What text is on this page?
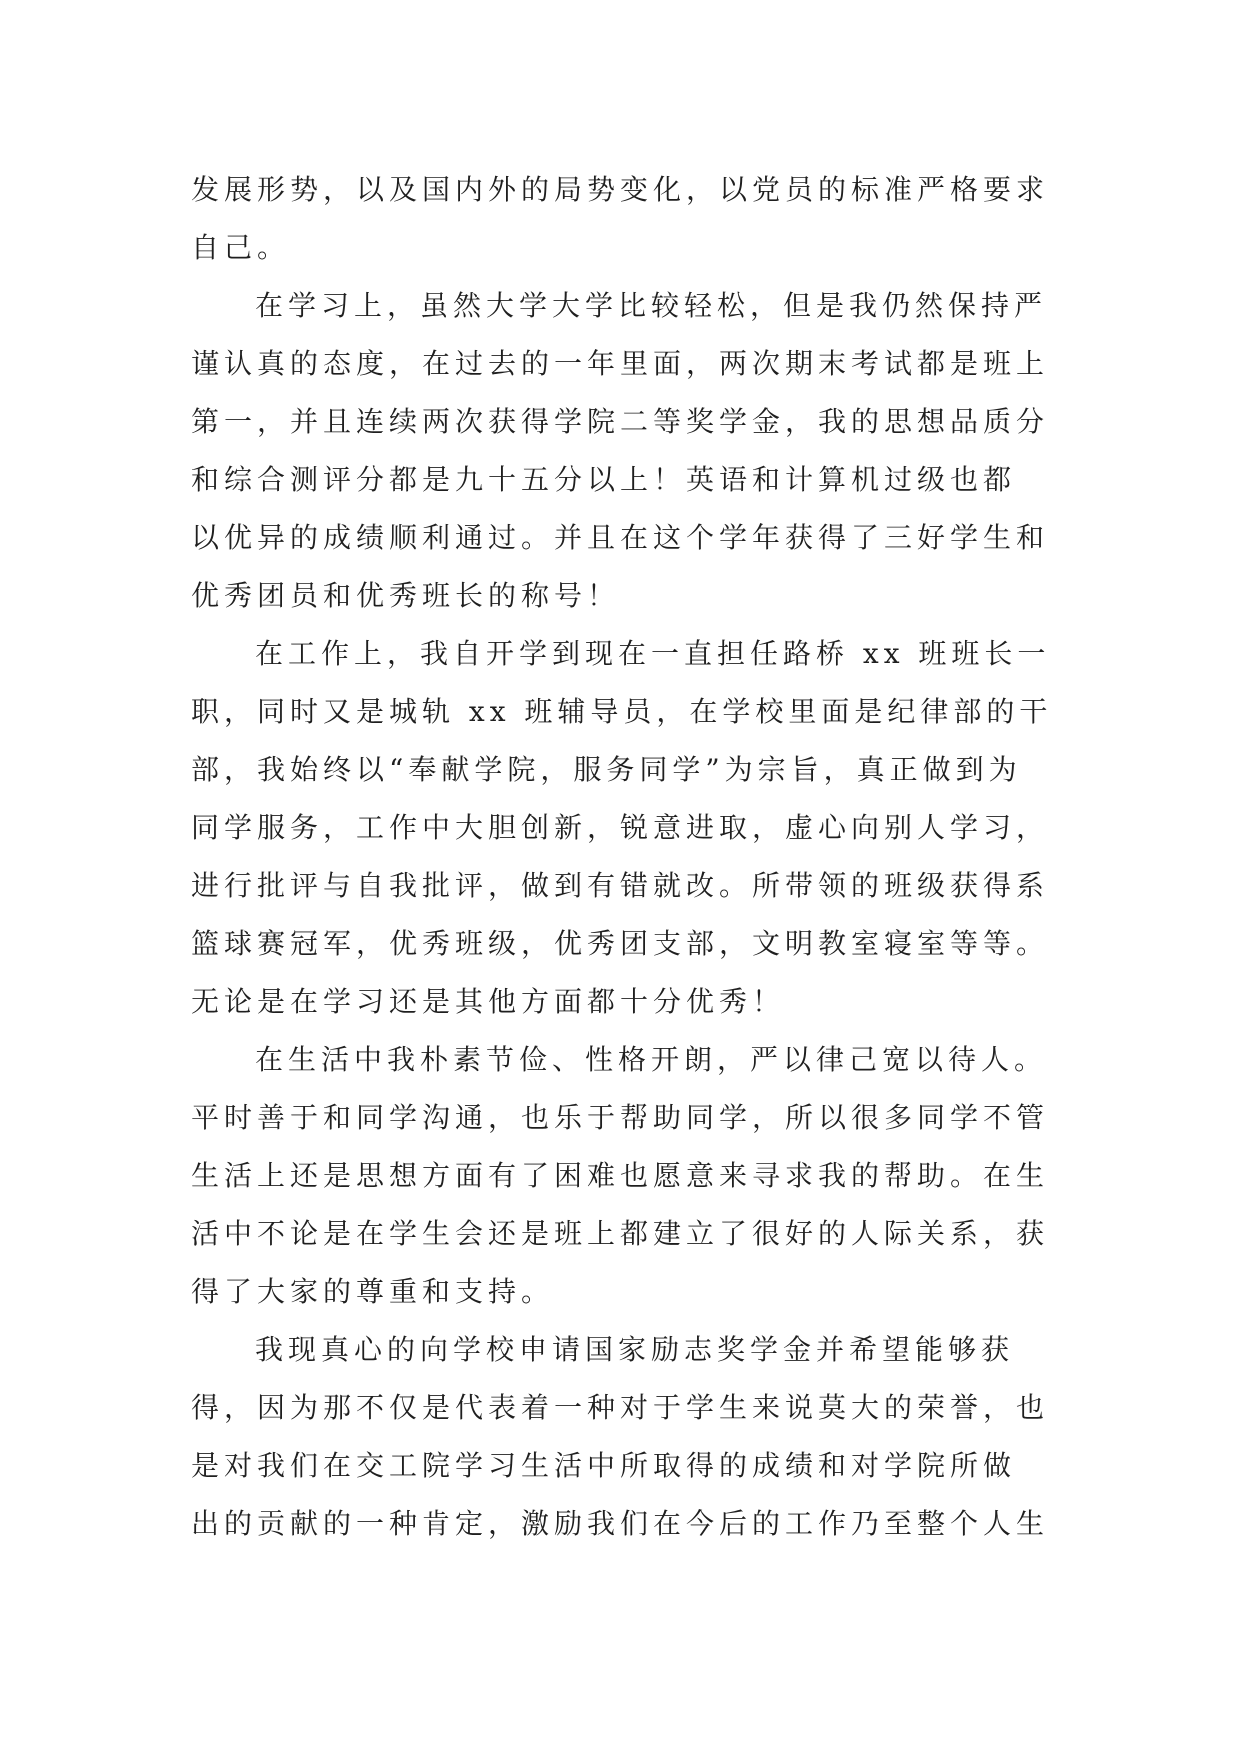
发展形势，以及国内外的局势变化，以党员的标准严格要求
自己。
在学习上，虽然大学大学比较轻松，但是我仍然保持严
谨认真的态度，在过去的一年里面，两次期末考试都是班上
第一，并且连续两次获得学院二等奖学金，我的思想品质分
和综合测评分都是九十五分以上！英语和计算机过级也都
以优异的成绩顺利通过。并且在这个学年获得了三好学生和
优秀团员和优秀班长的称号！
在工作上，我自开学到现在一直担任路桥 xx 班班长一
职，同时又是城轨 xx 班辅导员，在学校里面是纪律部的干
部，我始终以“奉献学院，服务同学”为宗旨，真正做到为
同学服务，工作中大胆创新，锐意进取，虚心向别人学习，
进行批评与自我批评，做到有错就改。所带领的班级获得系
篮球赛冠军，优秀班级，优秀团支部，文明教室寝室等等。
无论是在学习还是其他方面都十分优秀！
在生活中我朴素节俭、性格开朗，严以律己宽以待人。
平时善于和同学沟通，也乐于帮助同学，所以很多同学不管
生活上还是思想方面有了困难也愿意来寻求我的帮助。在生
活中不论是在学生会还是班上都建立了很好的人际关系，获
得了大家的尊重和支持。
我现真心的向学校申请国家励志奖学金并希望能够获
得，因为那不仅是代表着一种对于学生来说莫大的荣誉，也
是对我们在交工院学习生活中所取得的成绩和对学院所做
出的贡献的一种肯定，激励我们在今后的工作乃至整个人生
